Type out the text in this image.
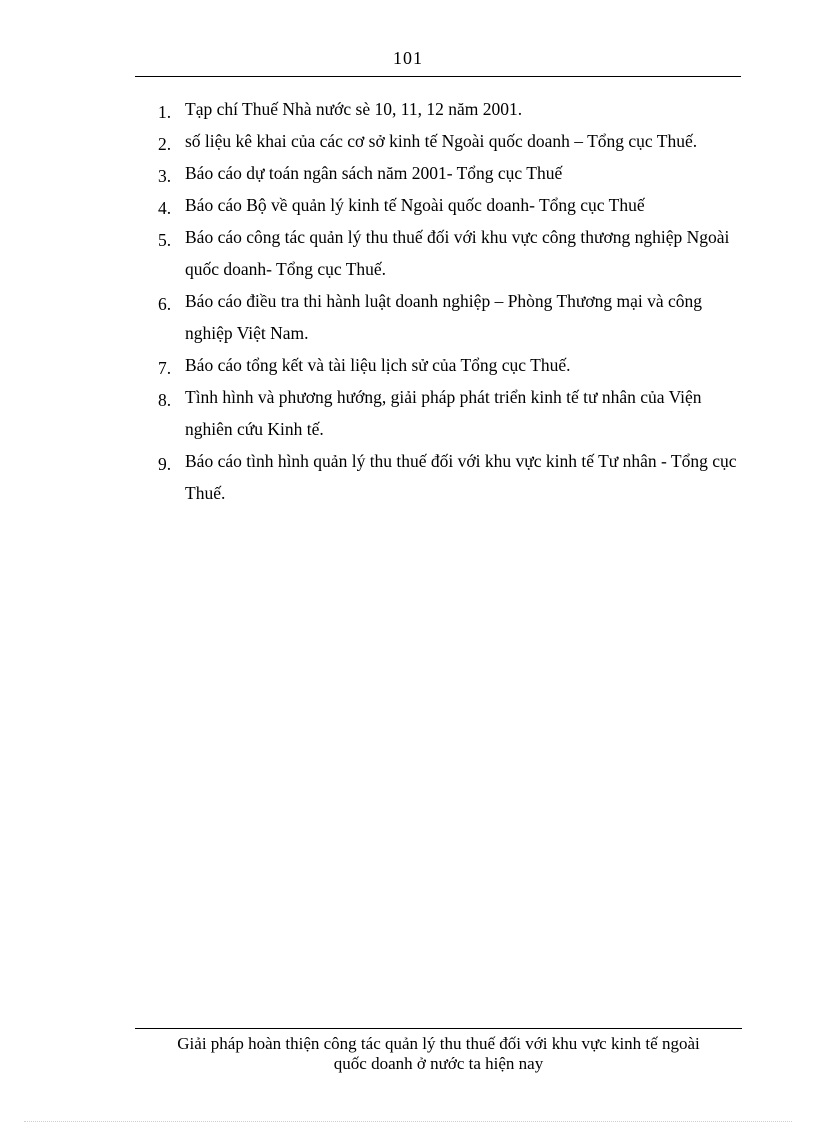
101
1. Tạp chí Thuế Nhà nước sè 10, 11, 12 năm 2001.
2. số liệu kê khai của các cơ sở kinh tế Ngoài quốc doanh – Tổng cục Thuế.
3. Báo cáo dự toán ngân sách năm 2001- Tổng cục Thuế
4. Báo cáo Bộ về quản lý kinh tế Ngoài quốc doanh- Tổng cục Thuế
5. Báo cáo công tác quản lý thu thuế đối với khu vực công thương nghiệp Ngoài quốc doanh- Tổng cục Thuế.
6. Báo cáo điều tra thi hành luật doanh nghiệp – Phòng Thương mại và công nghiệp Việt Nam.
7. Báo cáo tổng kết và tài liệu lịch sử của Tổng cục Thuế.
8. Tình hình và phương hướng, giải pháp phát triển kinh tế tư nhân của Viện nghiên cứu Kinh tế.
9. Báo cáo tình hình quản lý thu thuế đối với khu vực kinh tế Tư nhân - Tổng cục Thuế.
Giải pháp hoàn thiện công tác quản lý thu thuế đối với khu vực kinh tế ngoài
quốc doanh ở nước ta hiện nay
